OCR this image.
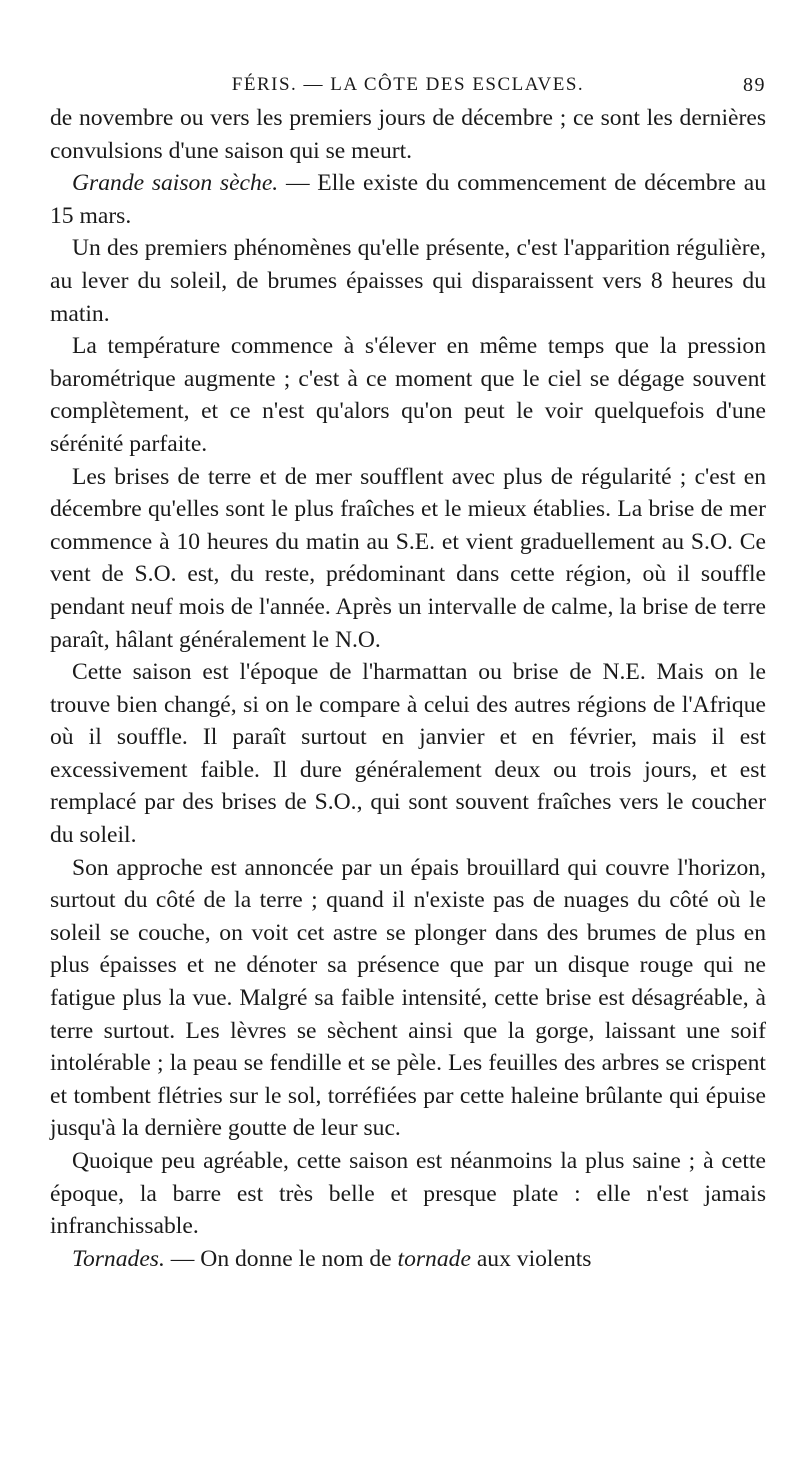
FÉRIS. — LA CÔTE DES ESCLAVES.	89

de novembre ou vers les premiers jours de décembre ; ce sont les dernières convulsions d'une saison qui se meurt.

Grande saison sèche. — Elle existe du commencement de décembre au 15 mars.

Un des premiers phénomènes qu'elle présente, c'est l'apparition régulière, au lever du soleil, de brumes épaisses qui disparaissent vers 8 heures du matin.

La température commence à s'élever en même temps que la pression barométrique augmente ; c'est à ce moment que le ciel se dégage souvent complètement, et ce n'est qu'alors qu'on peut le voir quelquefois d'une sérénité parfaite.

Les brises de terre et de mer soufflent avec plus de régularité ; c'est en décembre qu'elles sont le plus fraîches et le mieux établies. La brise de mer commence à 10 heures du matin au S.E. et vient graduellement au S.O. Ce vent de S.O. est, du reste, prédominant dans cette région, où il souffle pendant neuf mois de l'année. Après un intervalle de calme, la brise de terre paraît, hâlant généralement le N.O.

Cette saison est l'époque de l'harmattan ou brise de N.E. Mais on le trouve bien changé, si on le compare à celui des autres régions de l'Afrique où il souffle. Il paraît surtout en janvier et en février, mais il est excessivement faible. Il dure généralement deux ou trois jours, et est remplacé par des brises de S.O., qui sont souvent fraîches vers le coucher du soleil.

Son approche est annoncée par un épais brouillard qui couvre l'horizon, surtout du côté de la terre ; quand il n'existe pas de nuages du côté où le soleil se couche, on voit cet astre se plonger dans des brumes de plus en plus épaisses et ne dénoter sa présence que par un disque rouge qui ne fatigue plus la vue. Malgré sa faible intensité, cette brise est désagréable, à terre surtout. Les lèvres se sèchent ainsi que la gorge, laissant une soif intolérable ; la peau se fendille et se pèle. Les feuilles des arbres se crispent et tombent flétries sur le sol, torréfiées par cette haleine brûlante qui épuise jusqu'à la dernière goutte de leur suc.

Quoique peu agréable, cette saison est néanmoins la plus saine ; à cette époque, la barre est très belle et presque plate : elle n'est jamais infranchissable.

Tornades. — On donne le nom de tornade aux violents
